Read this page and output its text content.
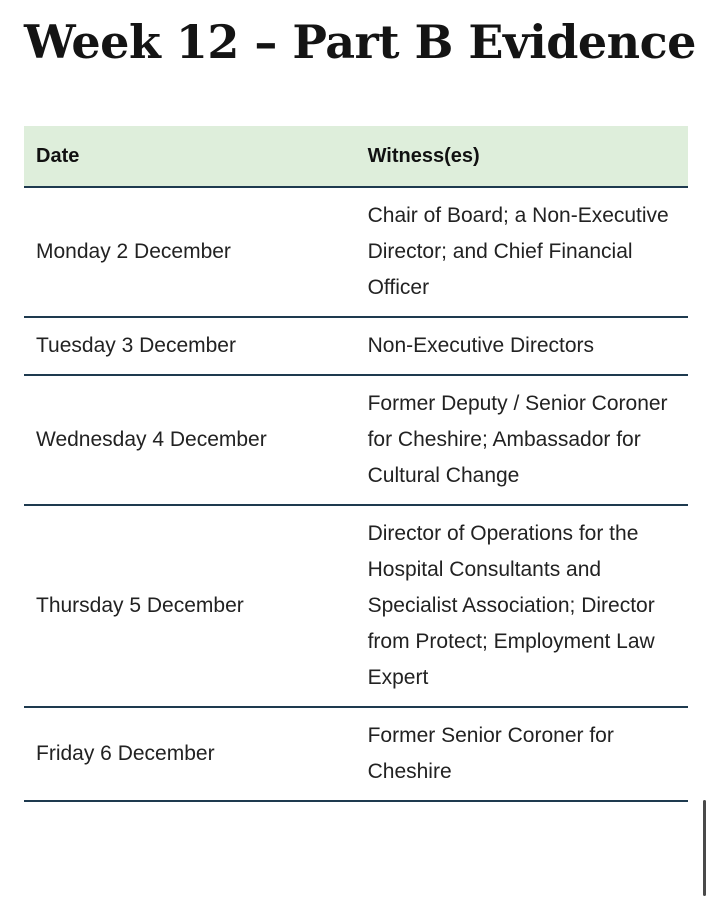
Week 12 – Part B Evidence
Date	Witness(es)
Monday 2 December	Chair of Board; a Non-Executive Director; and Chief Financial Officer
Tuesday 3 December	Non-Executive Directors
Wednesday 4 December	Former Deputy / Senior Coroner for Cheshire; Ambassador for Cultural Change
Thursday 5 December	Director of Operations for the Hospital Consultants and Specialist Association; Director from Protect; Employment Law Expert
Friday 6 December	Former Senior Coroner for Cheshire
